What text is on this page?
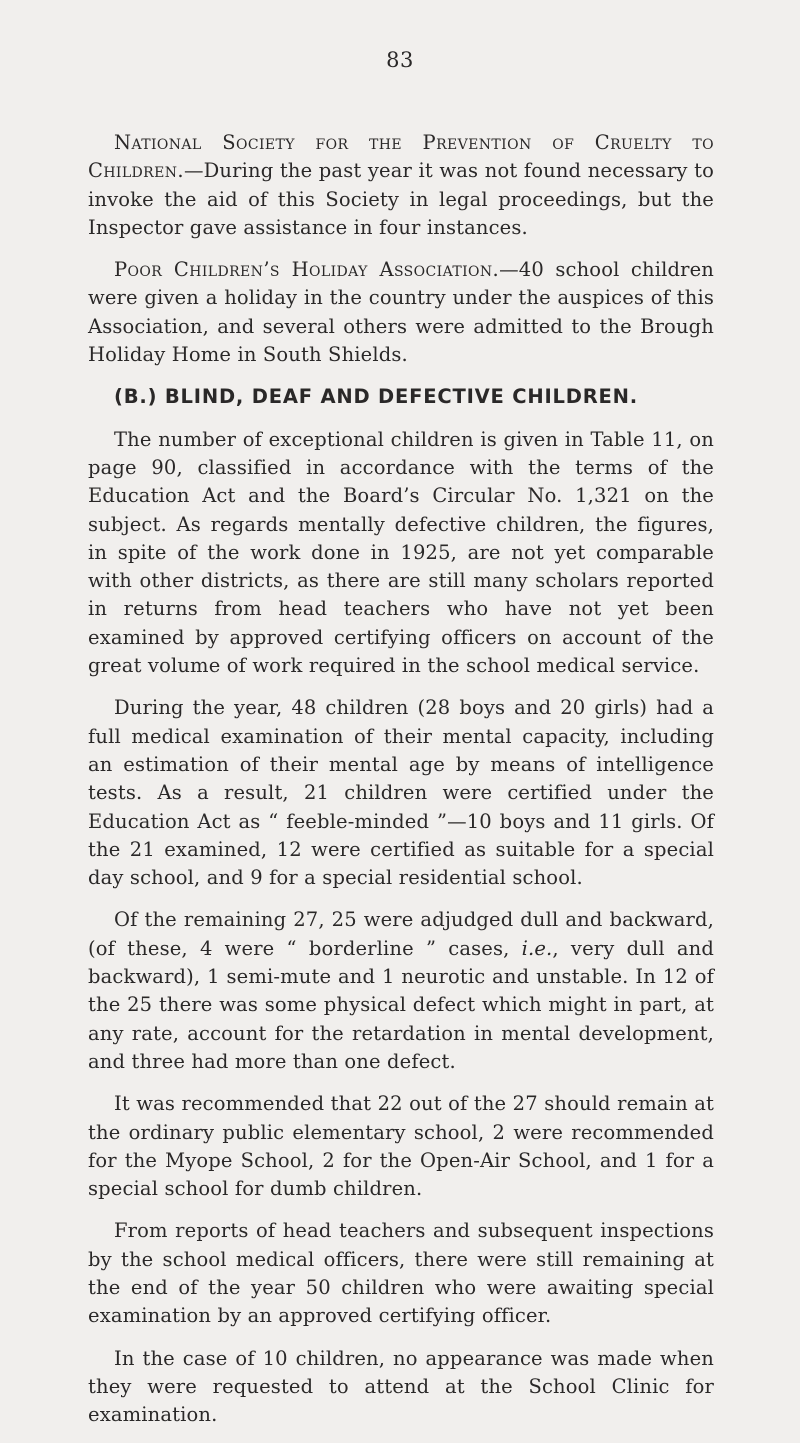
83

National Society for the Prevention of Cruelty to Children.—During the past year it was not found necessary to invoke the aid of this Society in legal proceedings, but the Inspector gave assistance in four instances.

Poor Children’s Holiday Association.—40 school children were given a holiday in the country under the auspices of this Association, and several others were admitted to the Brough Holiday Home in South Shields.

(B.) BLIND, DEAF AND DEFECTIVE CHILDREN.

The number of exceptional children is given in Table 11, on page 90, classified in accordance with the terms of the Education Act and the Board’s Circular No. 1,321 on the subject. As regards mentally defective children, the figures, in spite of the work done in 1925, are not yet comparable with other districts, as there are still many scholars reported in returns from head teachers who have not yet been examined by approved certifying officers on account of the great volume of work required in the school medical service.

During the year, 48 children (28 boys and 20 girls) had a full medical examination of their mental capacity, including an estimation of their mental age by means of intelligence tests. As a result, 21 children were certified under the Education Act as “ feeble-minded ”—10 boys and 11 girls. Of the 21 examined, 12 were certified as suitable for a special day school, and 9 for a special residential school.

Of the remaining 27, 25 were adjudged dull and backward, (of these, 4 were “ borderline ” cases, i.e., very dull and backward), 1 semi-mute and 1 neurotic and unstable. In 12 of the 25 there was some physical defect which might in part, at any rate, account for the retardation in mental development, and three had more than one defect.

It was recommended that 22 out of the 27 should remain at the ordinary public elementary school, 2 were recommended for the Myope School, 2 for the Open-Air School, and 1 for a special school for dumb children.

From reports of head teachers and subsequent inspections by the school medical officers, there were still remaining at the end of the year 50 children who were awaiting special examination by an approved certifying officer.

In the case of 10 children, no appearance was made when they were requested to attend at the School Clinic for examination.
